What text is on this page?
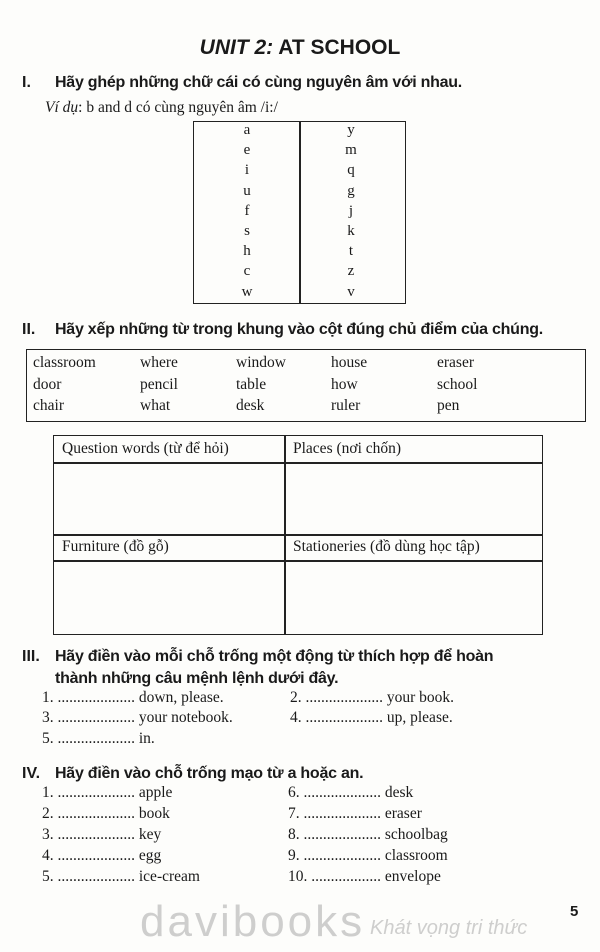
UNIT 2: AT SCHOOL
I. Hãy ghép những chữ cái có cùng nguyên âm với nhau.
Ví dụ: b and d có cùng nguyên âm /i:/
a	y
e	m
i	q
u	g
f	j
s	k
h	t
c	z
w	v
II. Hãy xếp những từ trong khung vào cột đúng chủ điểm của chúng.
classroom	where	window	house	eraser
door	pencil	table	how	school
chair	what	desk	ruler	pen
Question words (từ để hỏi)	Places (nơi chốn)
Furniture (đồ gỗ)	Stationeries (đồ dùng học tập)
III. Hãy điền vào mỗi chỗ trống một động từ thích hợp để hoàn
thành những câu mệnh lệnh dưới đây.
1. .................... down, please.	2. .................... your book.
3. .................... your notebook.	4. .................... up, please.
5. .................... in.
IV. Hãy điền vào chỗ trống mạo từ a hoặc an.
1. .................... apple
2. .................... book
3. .................... key
4. .................... egg
5. .................... ice-cream
6. .................... desk
7. .................... eraser
8. .................... schoolbag
9. .................... classroom
10. .................. envelope
davibooks Khát vọng tri thức
5
